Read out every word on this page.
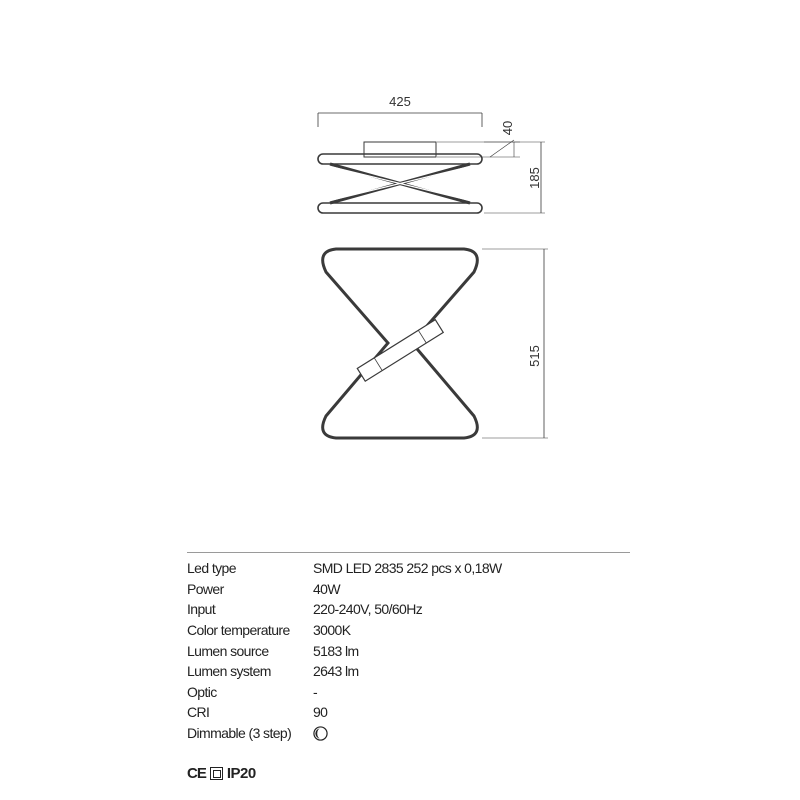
425
40
185
515
Led type	SMD LED 2835 252 pcs x 0,18W
Power	40W
Input	220-240V, 50/60Hz
Color temperature	3000K
Lumen source	5183 lm
Lumen system	2643 lm
Optic	-
CRI	90
Dimmable (3 step)	
CE IP20
